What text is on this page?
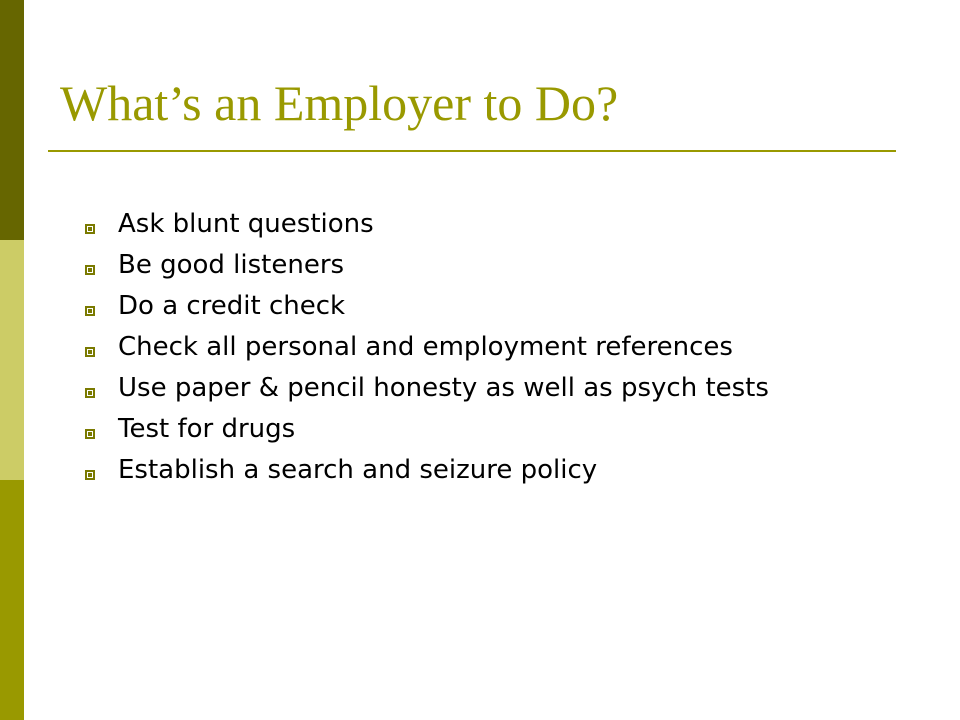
What’s an Employer to Do?
Ask blunt questions
Be good listeners
Do a credit check
Check all personal and employment references
Use paper & pencil honesty as well as psych tests
Test for drugs
Establish a search and seizure policy
